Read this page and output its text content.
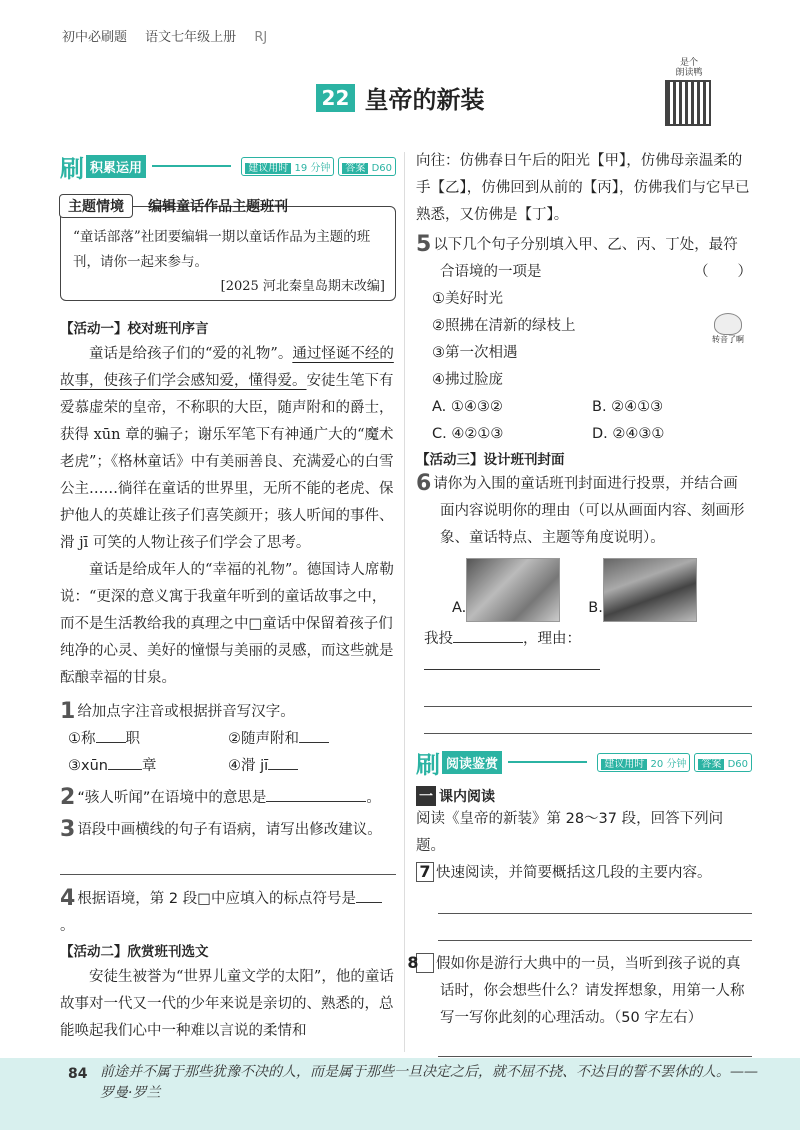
初中必刷题 语文七年级上册 RJ
22 皇帝的新装
是个
朗读鸭
刷 积累运用	建议用时 19 分钟	答案 D60
主题情境 编辑童话作品主题班刊
“童话部落”社团要编辑一期以童话作品为主题的班刊，请你一起来参与。
[2025 河北秦皇岛期末改编]
【活动一】校对班刊序言
童话是给孩子们的“爱的礼物”。通过怪诞不经的故事，使孩子们学会感知爱，懂得爱。安徒生笔下有爱慕虚荣的皇帝，不称职的大臣，随声附和的爵士，获得 xūn 章的骗子；谢乐军笔下有神通广大的“魔术老虎”；《格林童话》中有美丽善良、充满爱心的白雪公主……徜徉在童话的世界里，无所不能的老虎、保护他人的英雄让孩子们喜笑颜开；骇人听闻的事件、滑 jī 可笑的人物让孩子们学会了思考。
童话是给成年人的“幸福的礼物”。德国诗人席勒说：“更深的意义寓于我童年听到的童话故事之中，而不是生活教给我的真理之中□童话中保留着孩子们纯净的心灵、美好的憧憬与美丽的灵感，而这些就是酝酿幸福的甘泉。
1 给加点字注音或根据拼音写汉字。
①称 职	②随声附和
③xūn 章	④滑 jī
2 “骇人听闻”在语境中的意思是	。
3 语段中画横线的句子有语病，请写出修改建议。
4 根据语境，第 2 段□中应填入的标点符号是。
【活动二】欣赏班刊选文
安徒生被誉为“世界儿童文学的太阳”，他的童话故事对一代又一代的少年来说是亲切的、熟悉的，总能唤起我们心中一种难以言说的柔情和
向往：仿佛春日午后的阳光【甲】，仿佛母亲温柔的手【乙】，仿佛回到从前的【丙】，仿佛我们与它早已熟悉，又仿佛是【丁】。
5 以下几个句子分别填入甲、乙、丙、丁处，最符合语境的一项是	（　　）
①美好时光
②照拂在清新的绿枝上
③第一次相遇
④拂过脸庞
A. ①④③②	B. ②④①③
C. ④②①③	D. ②④③①
转音了啊
【活动三】设计班刊封面
6 请你为入围的童话班刊封面进行投票，并结合画面内容说明你的理由（可以从画面内容、刻画形象、童话特点、主题等角度说明）。
A.	B.
我投	，理由：
刷 阅读鉴赏	建议用时 20 分钟	答案 D60
一 课内阅读
阅读《皇帝的新装》第 28～37 段，回答下列问题。
7 快速阅读，并简要概括这几段的主要内容。
8 假如你是游行大典中的一员，当听到孩子说的真话时，你会想些什么？请发挥想象，用第一人称写一写你此刻的心理活动。（50 字左右）
84 前途并不属于那些犹豫不决的人，而是属于那些一旦决定之后，就不屈不挠、不达目的誓不罢休的人。——罗曼·罗兰
